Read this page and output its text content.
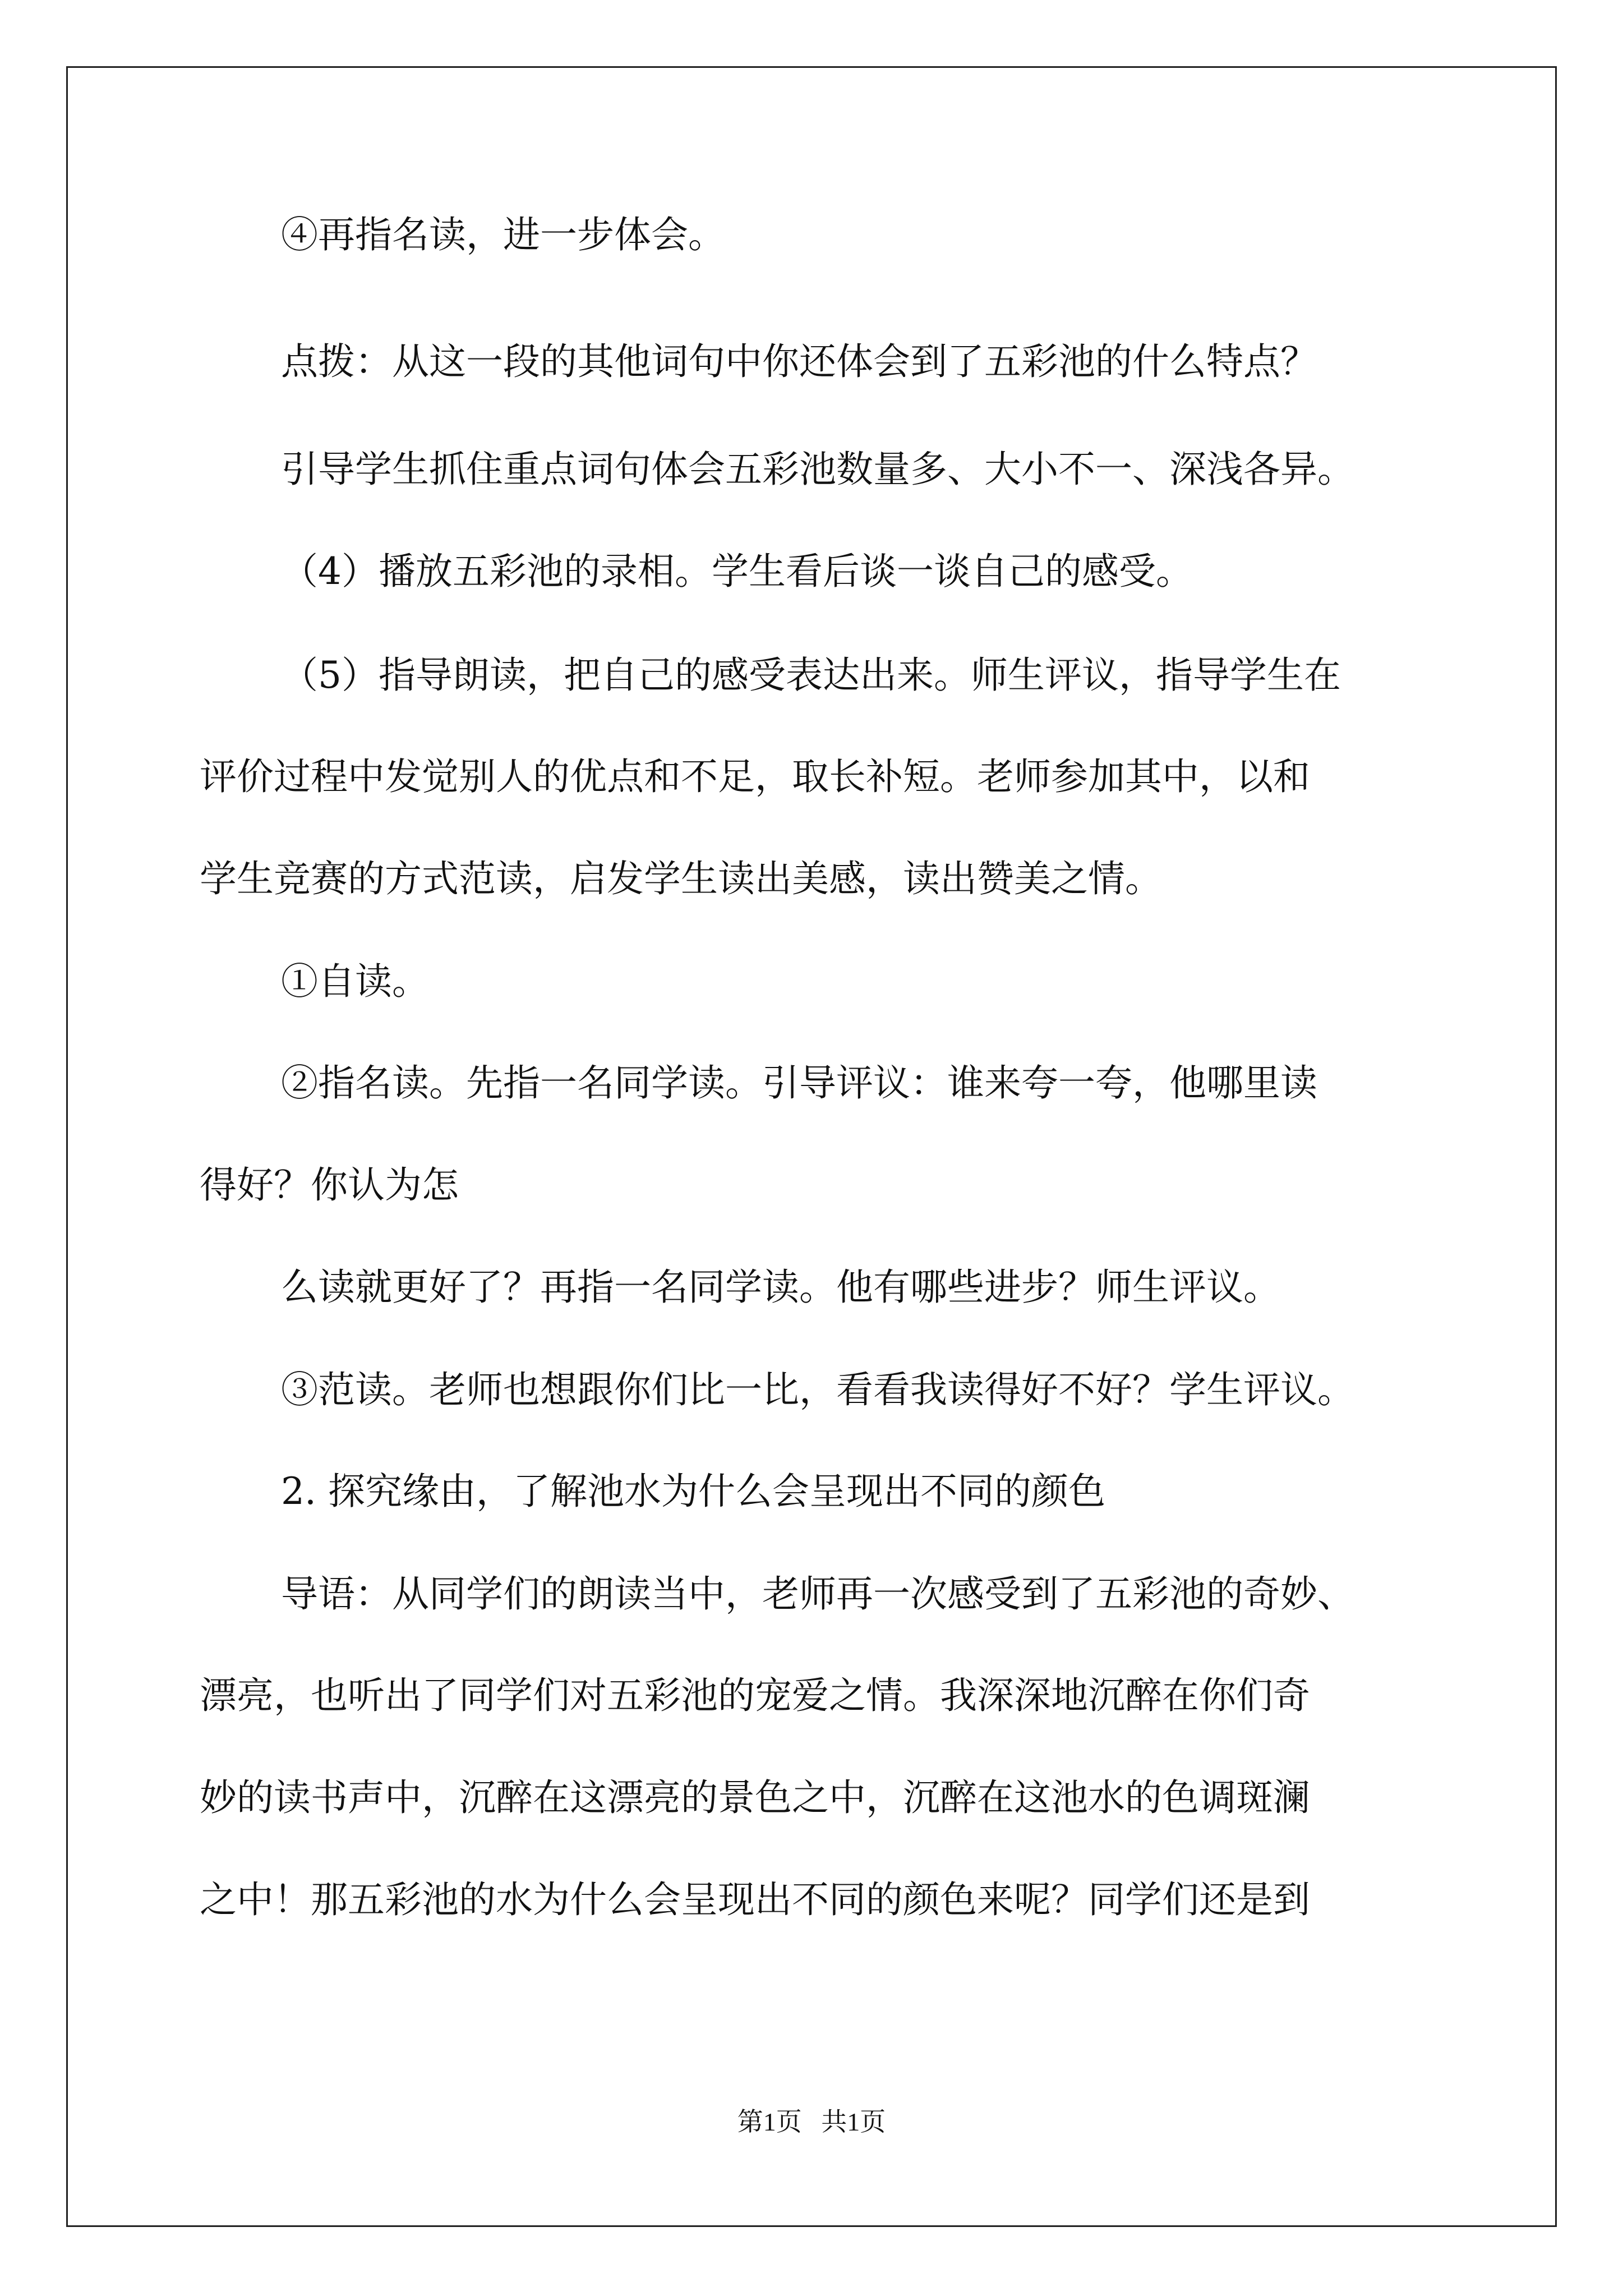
④再指名读，进一步体会。

点拨：从这一段的其他词句中你还体会到了五彩池的什么特点？

引导学生抓住重点词句体会五彩池数量多、大小不一、深浅各异。

（4）播放五彩池的录相。学生看后谈一谈自己的感受。

（5）指导朗读，把自己的感受表达出来。师生评议，指导学生在

评价过程中发觉别人的优点和不足，取长补短。老师参加其中，以和

学生竞赛的方式范读，启发学生读出美感，读出赞美之情。

①自读。

②指名读。先指一名同学读。引导评议：谁来夸一夸，他哪里读

得好？你认为怎

么读就更好了？再指一名同学读。他有哪些进步？师生评议。

③范读。老师也想跟你们比一比，看看我读得好不好？学生评议。

2. 探究缘由，了解池水为什么会呈现出不同的颜色

导语：从同学们的朗读当中，老师再一次感受到了五彩池的奇妙、

漂亮，也听出了同学们对五彩池的宠爱之情。我深深地沉醉在你们奇

妙的读书声中，沉醉在这漂亮的景色之中，沉醉在这池水的色调斑澜

之中！那五彩池的水为什么会呈现出不同的颜色来呢？同学们还是到

第1页   共1页
